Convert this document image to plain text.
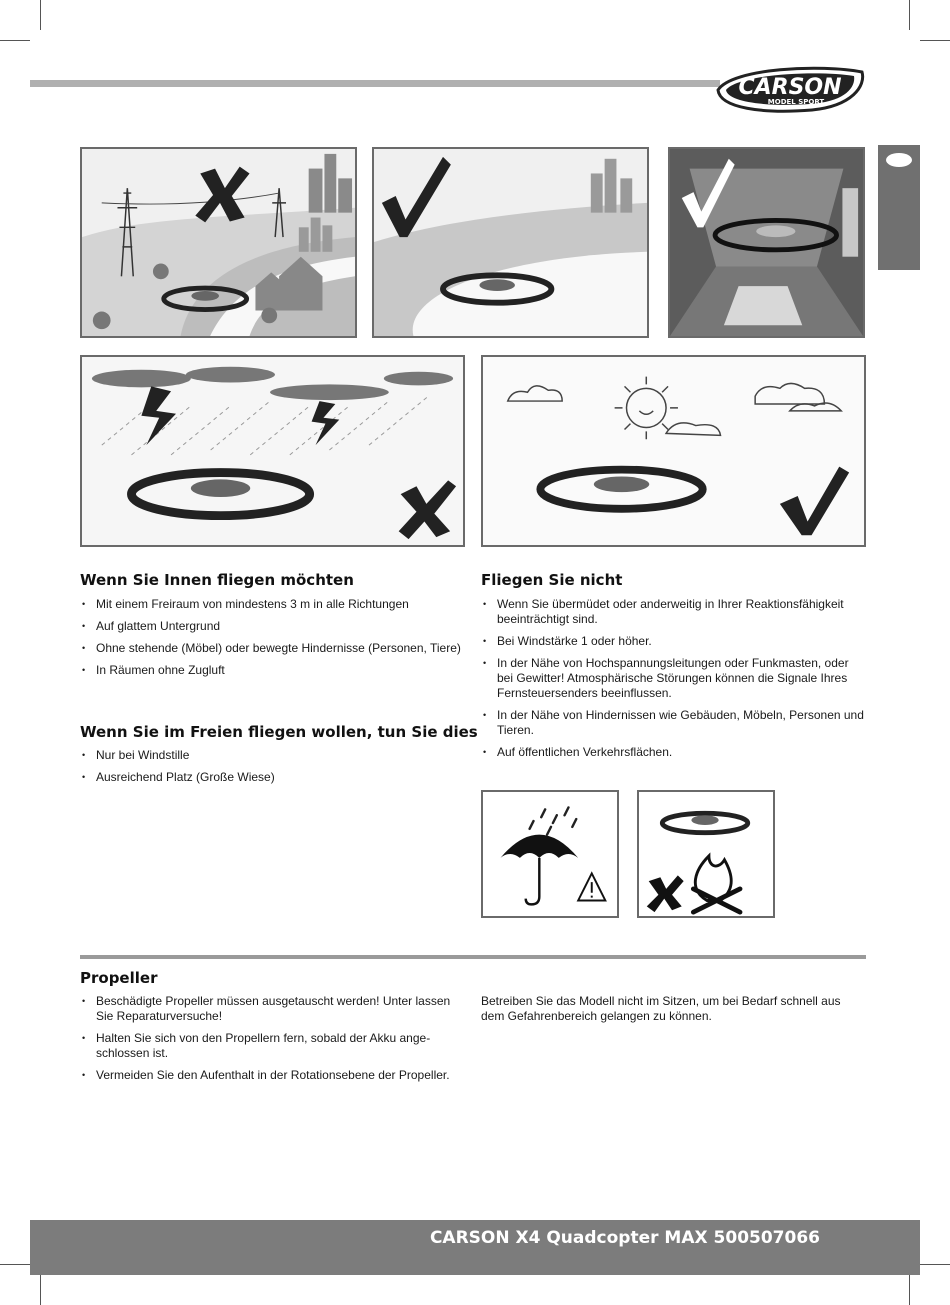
CARSON
MODEL SPORT
Wenn Sie Innen fliegen möchten
• Mit einem Freiraum von mindestens 3 m in alle Richtungen
• Auf glattem Untergrund
• Ohne stehende (Möbel) oder bewegte Hindernisse (Personen, Tiere)
• In Räumen ohne Zugluft
Wenn Sie im Freien fliegen wollen, tun Sie dies
• Nur bei Windstille
• Ausreichend Platz (Große Wiese)
Fliegen Sie nicht
• Wenn Sie übermüdet oder anderweitig in Ihrer Reaktionsfähigkeit beeinträchtigt sind.
• Bei Windstärke 1 oder höher.
• In der Nähe von Hochspannungsleitungen oder Funkmasten, oder bei Gewitter! Atmosphärische Störungen können die Signale Ihres Fernsteuersenders beeinflussen.
• In der Nähe von Hindernissen wie Gebäuden, Möbeln, Personen und Tieren.
• Auf öffentlichen Verkehrsflächen.
Propeller
• Beschädigte Propeller müssen ausgetauscht werden! Unter lassen Sie Reparaturversuche!
• Halten Sie sich von den Propellern fern, sobald der Akku ange-schlossen ist.
• Vermeiden Sie den Aufenthalt in der Rotationsebene der Propeller.

Betreiben Sie das Modell nicht im Sitzen, um bei Bedarf schnell aus dem Gefahrenbereich gelangen zu können.

CARSON X4 Quadcopter MAX 500507066
